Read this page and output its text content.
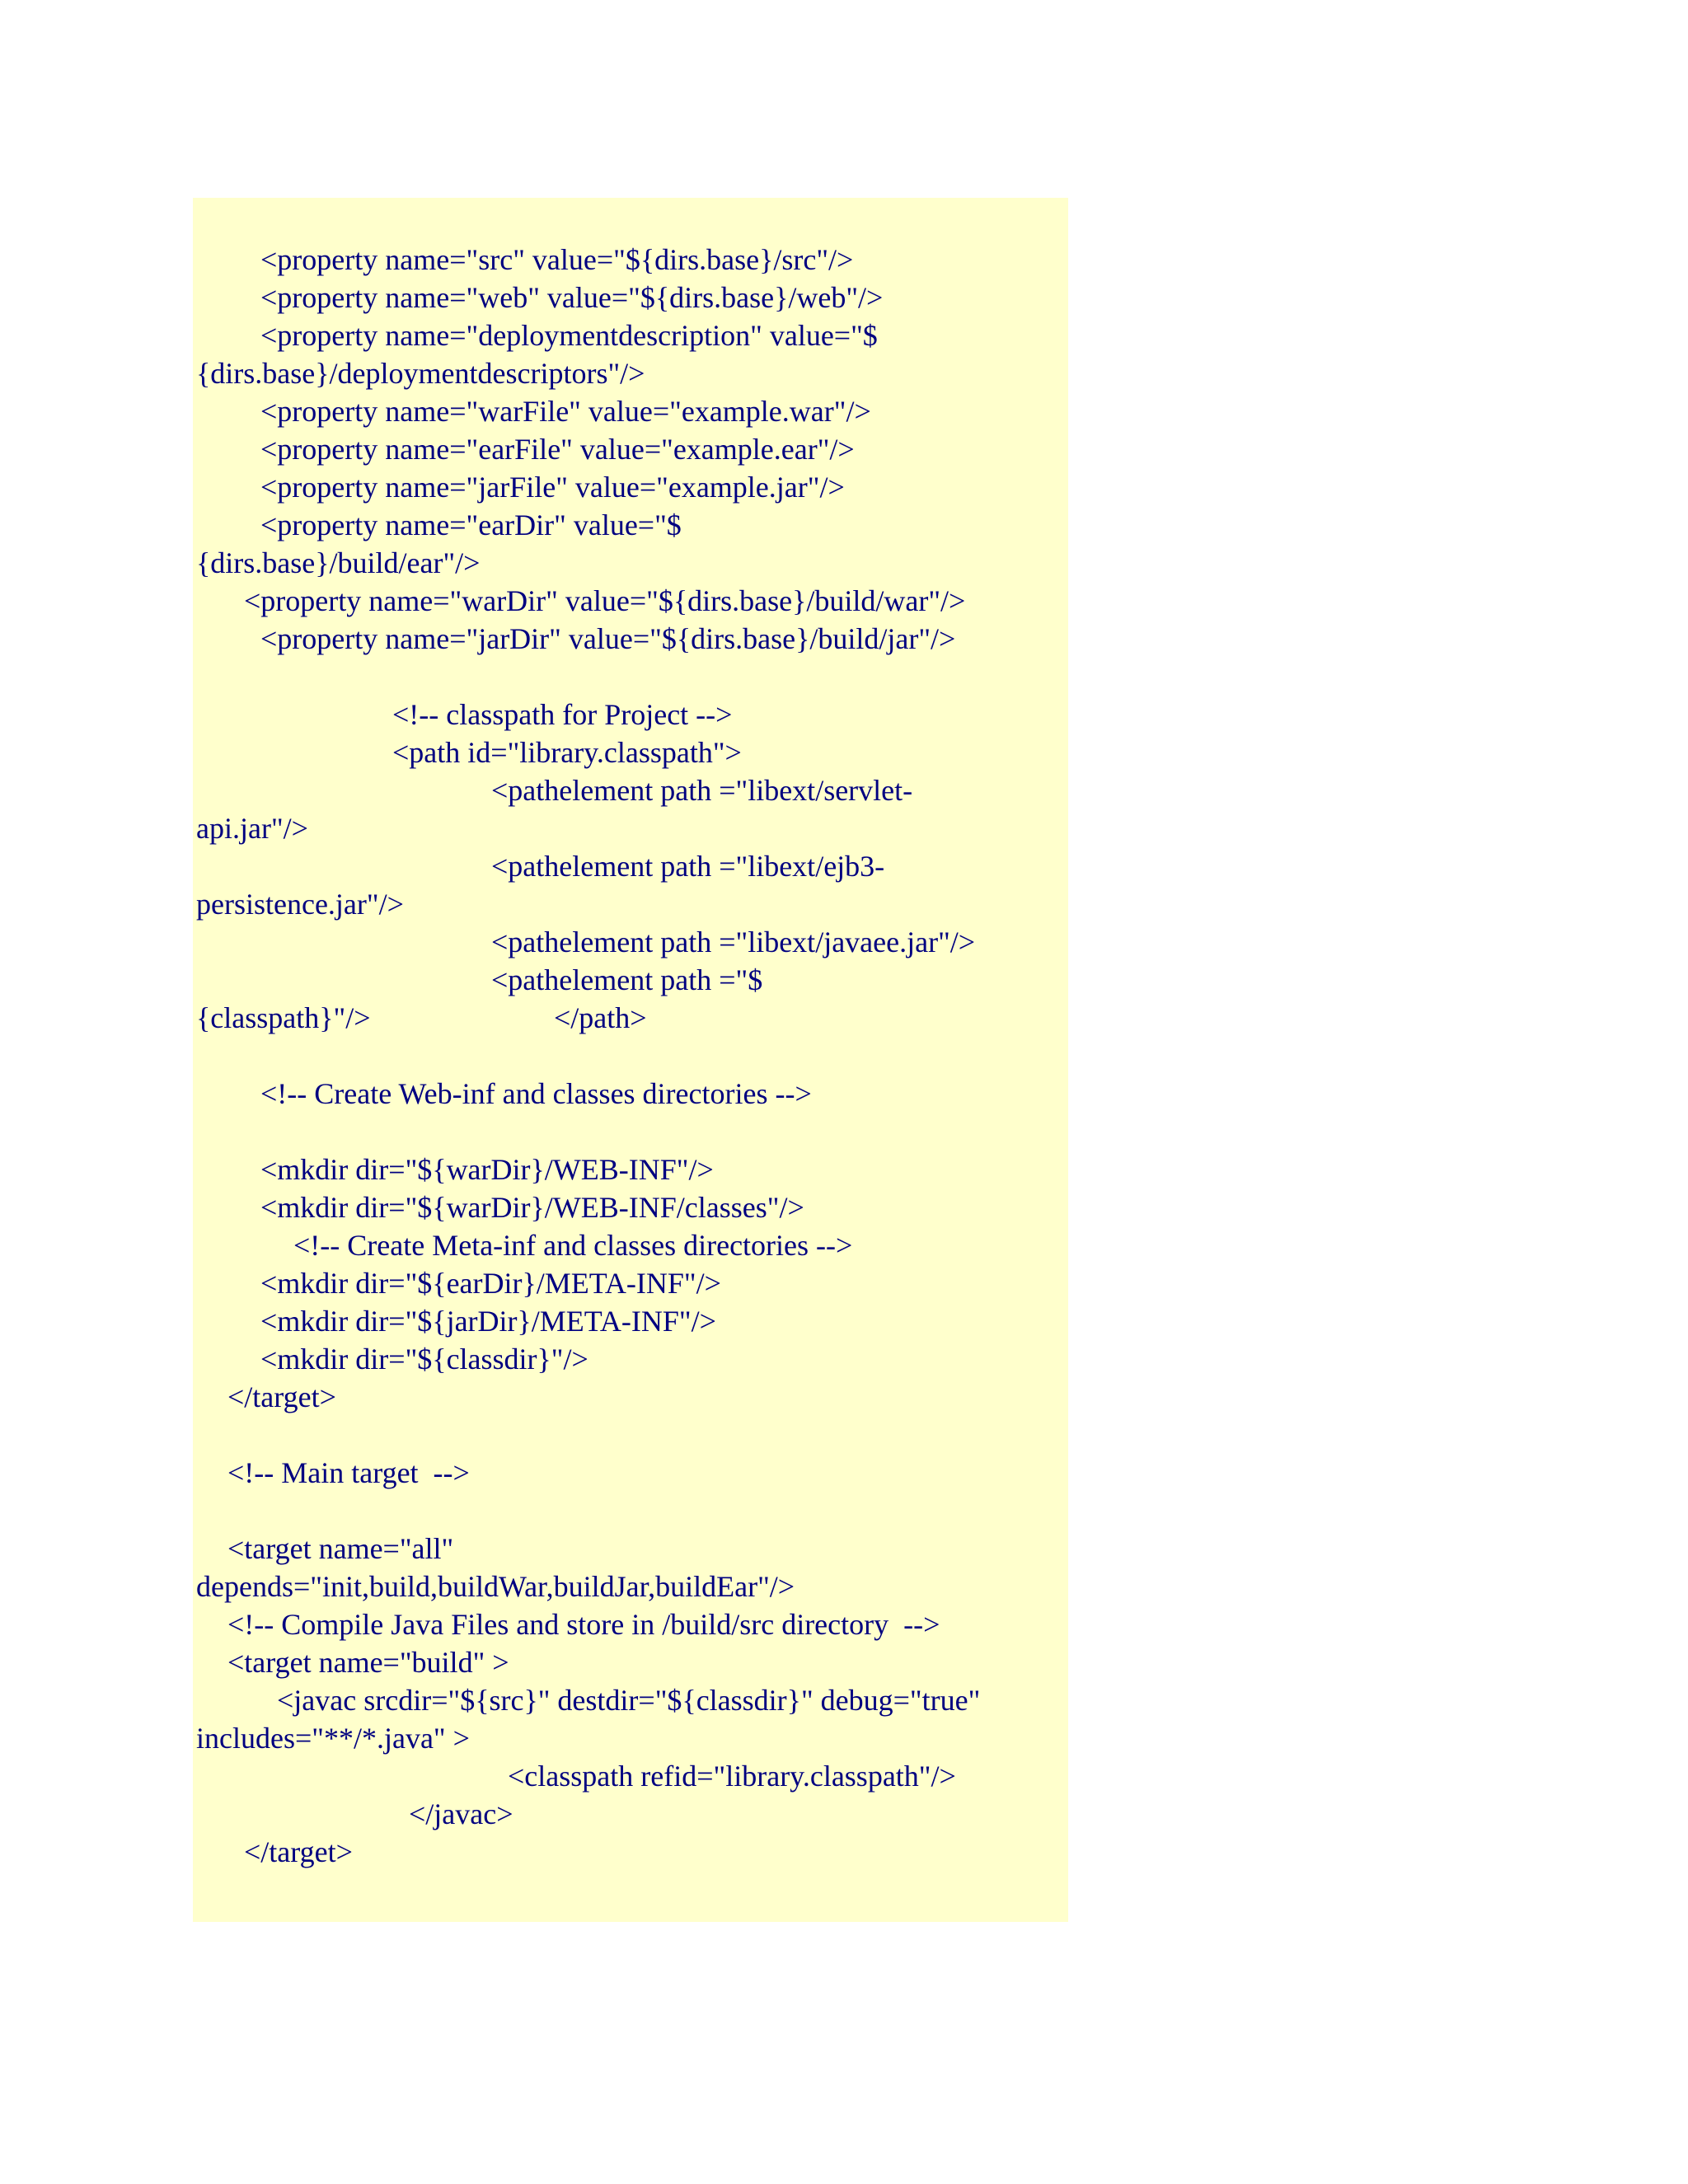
<property name="src" value="${dirs.base}/src"/>
<property name="web" value="${dirs.base}/web"/>
<property name="deploymentdescription" value="$
{dirs.base}/deploymentdescriptors"/>
<property name="warFile" value="example.war"/>
<property name="earFile" value="example.ear"/>
<property name="jarFile" value="example.jar"/>
<property name="earDir" value="$
{dirs.base}/build/ear"/>
<property name="warDir" value="${dirs.base}/build/war"/>
<property name="jarDir" value="${dirs.base}/build/jar"/>
<!-- classpath for Project -->
<path id="library.classpath">
<pathelement path ="libext/servlet-
api.jar"/>
<pathelement path ="libext/ejb3-
persistence.jar"/>
<pathelement path ="libext/javaee.jar"/>
<pathelement path ="$
{classpath}"/>	</path>
<!-- Create Web-inf and classes directories -->
<mkdir dir="${warDir}/WEB-INF"/>
<mkdir dir="${warDir}/WEB-INF/classes"/>
<!-- Create Meta-inf and classes directories -->
<mkdir dir="${earDir}/META-INF"/>
<mkdir dir="${jarDir}/META-INF"/>
<mkdir dir="${classdir}"/>
</target>
<!-- Main target  -->
<target name="all"
depends="init,build,buildWar,buildJar,buildEar"/>
<!-- Compile Java Files and store in /build/src directory  -->
<target name="build" >
<javac srcdir="${src}" destdir="${classdir}" debug="true"
includes="**/*.java" >
<classpath refid="library.classpath"/>
</javac>
</target>
